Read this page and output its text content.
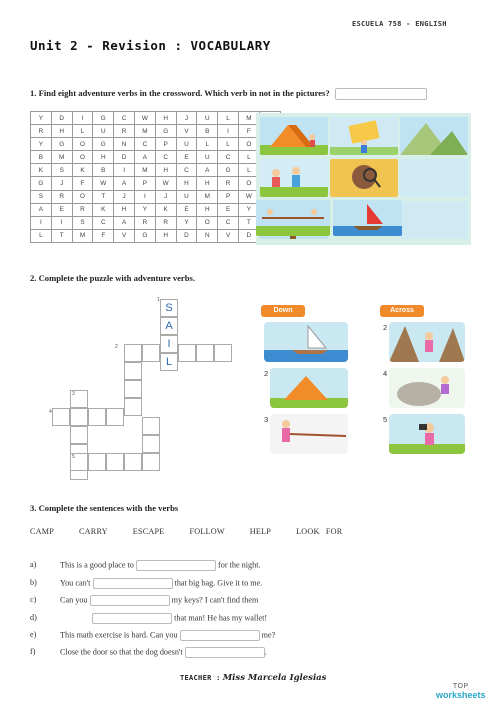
ESCUELA 758 - ENGLISH
Unit 2 - Revision : VOCABULARY
1. Find eight adventure verbs in the crossword. Which verb in not in the pictures?
Y	D	I	G	C	W	H	J	U	L	M	
R	H	L	U	R	M	G	V	B	I	F	
Y	G	O	G	N	C	P	U	L	L	O	
B	M	O	H	D	A	C	E	U	C	L	
K	S	K	B	I	M	H	C	A	G	L	
G	J	F	W	A	P	W	H	H	R	O	
S	R	O	T	J	I	J	U	M	P	W	
A	E	R	K	H	Y	K	E	H	E	Y	
I	I	S	C	A	R	R	Y	O	C	T	
L	T	M	F	V	G	H	D	N	V	D	
2. Complete the puzzle with adventure verbs.
S
A
I
L
1
2
3
4
5
Down	Across
2
3
2
4
5
3. Complete the sentences with the verbs
CAMP	CARRY	ESCAPE	FOLLOW	HELP	LOOK FOR
a)	This is a good place to	for the night.
b)	You can't	that big bag. Give it to me.
c)	Can you	my keys? I can't find them
d)	that man! He has my wallet!
e)	This math exercise is hard. Can you	me?
f)	Close the door so that the dog doesn't	.
TEACHER : Miss Marcela Iglesias
TOP
worksheets
